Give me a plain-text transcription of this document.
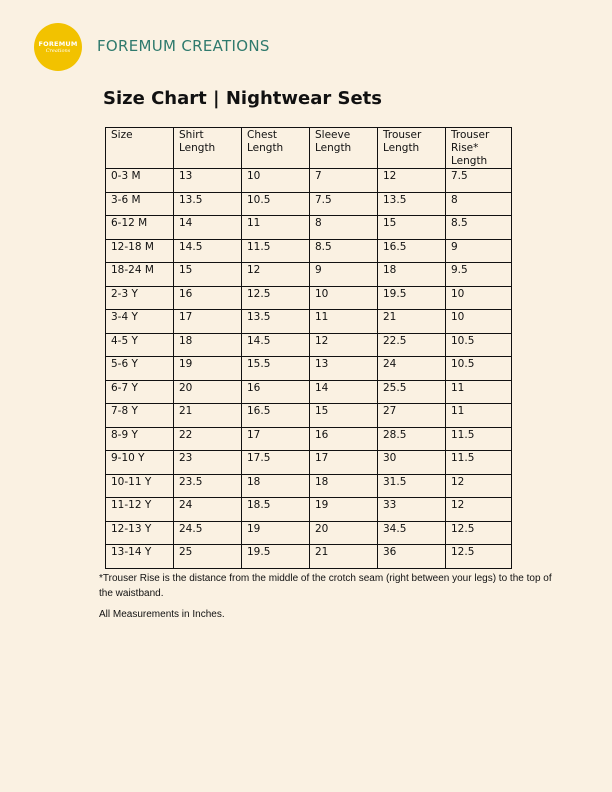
FOREMUM
Creations FOREMUM CREATIONS
Size Chart | Nightwear Sets
Size	Shirt Length	Chest Length	Sleeve Length	Trouser Length	Trouser Rise* Length
0-3 M	13	10	7	12	7.5
3-6 M	13.5	10.5	7.5	13.5	8
6-12 M	14	11	8	15	8.5
12-18 M	14.5	11.5	8.5	16.5	9
18-24 M	15	12	9	18	9.5
2-3 Y	16	12.5	10	19.5	10
3-4 Y	17	13.5	11	21	10
4-5 Y	18	14.5	12	22.5	10.5
5-6 Y	19	15.5	13	24	10.5
6-7 Y	20	16	14	25.5	11
7-8 Y	21	16.5	15	27	11
8-9 Y	22	17	16	28.5	11.5
9-10 Y	23	17.5	17	30	11.5
10-11 Y	23.5	18	18	31.5	12
11-12 Y	24	18.5	19	33	12
12-13 Y	24.5	19	20	34.5	12.5
13-14 Y	25	19.5	21	36	12.5
*Trouser Rise is the distance from the middle of the crotch seam (right between your legs) to the top of the waistband.
All Measurements in Inches.
